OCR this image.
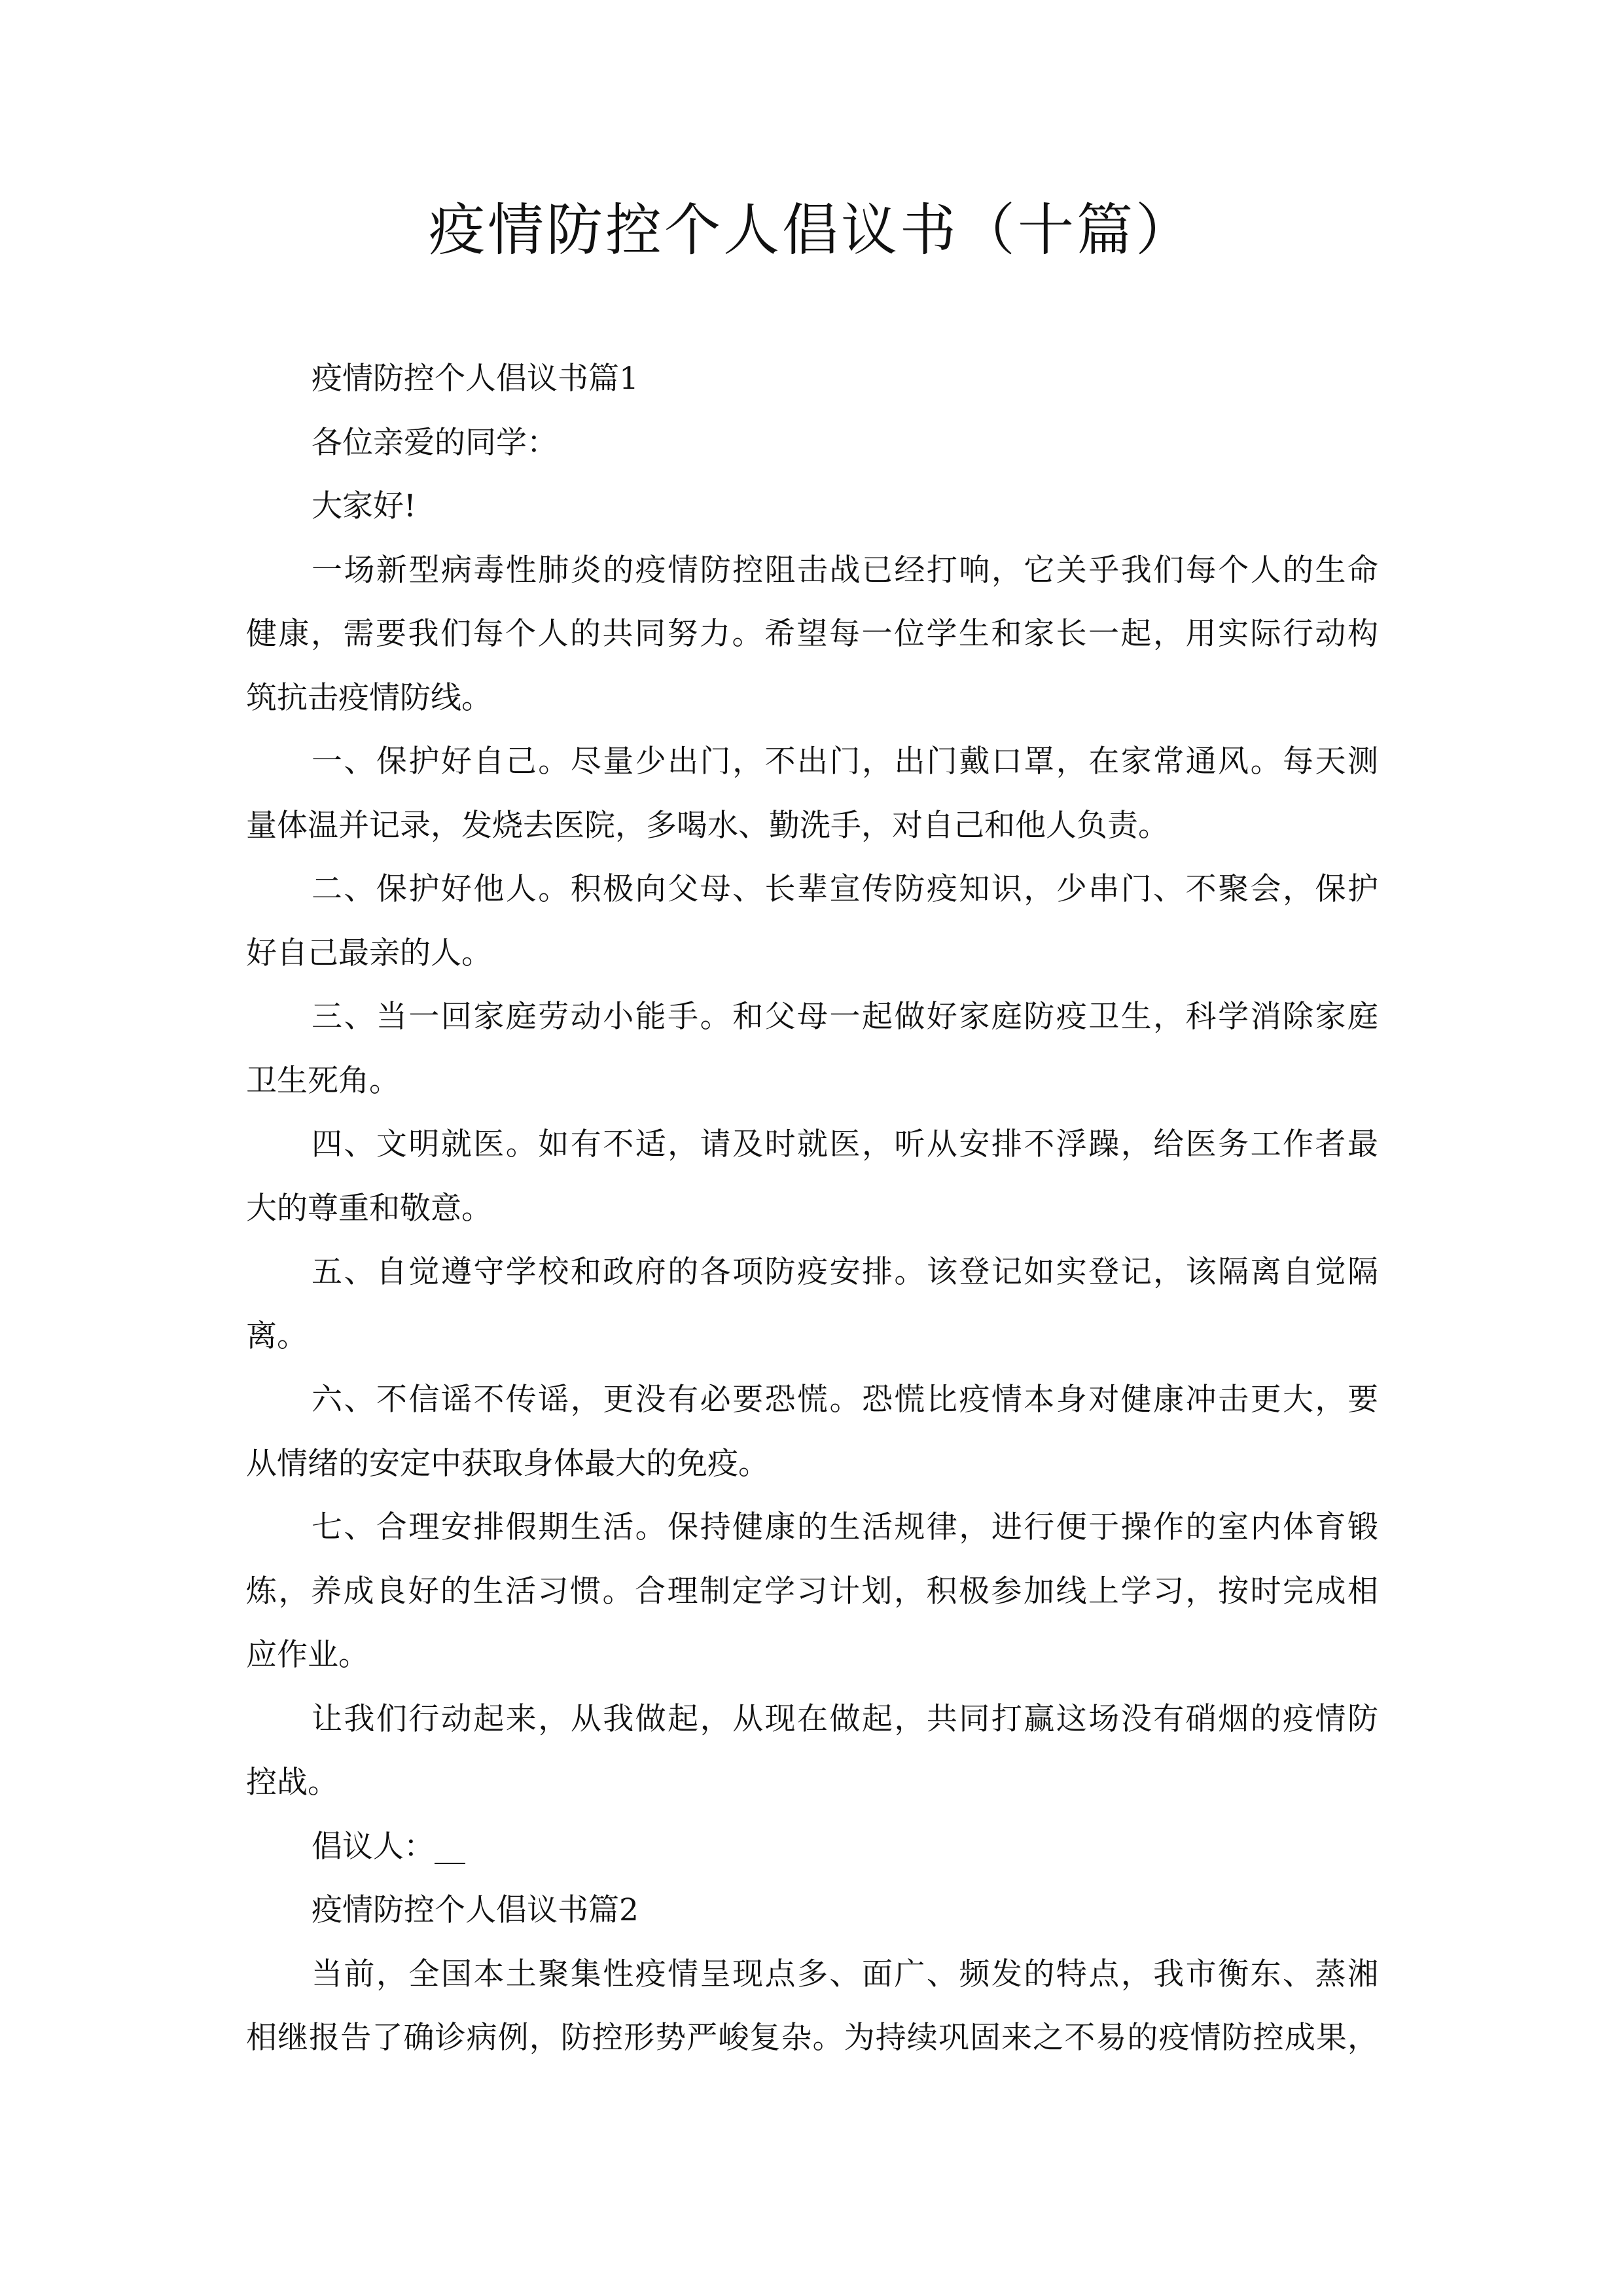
疫情防控个人倡议书（十篇）

疫情防控个人倡议书篇1

各位亲爱的同学：

大家好!

一场新型病毒性肺炎的疫情防控阻击战已经打响，它关乎我们每个人的生命

健康，需要我们每个人的共同努力。希望每一位学生和家长一起，用实际行动构

筑抗击疫情防线。

一、保护好自己。尽量少出门，不出门，出门戴口罩，在家常通风。每天测

量体温并记录，发烧去医院，多喝水、勤洗手，对自己和他人负责。

二、保护好他人。积极向父母、长辈宣传防疫知识，少串门、不聚会，保护

好自己最亲的人。

三、当一回家庭劳动小能手。和父母一起做好家庭防疫卫生，科学消除家庭

卫生死角。

四、文明就医。如有不适，请及时就医，听从安排不浮躁，给医务工作者最

大的尊重和敬意。

五、自觉遵守学校和政府的各项防疫安排。该登记如实登记，该隔离自觉隔

离。

六、不信谣不传谣，更没有必要恐慌。恐慌比疫情本身对健康冲击更大，要

从情绪的安定中获取身体最大的免疫。

七、合理安排假期生活。保持健康的生活规律，进行便于操作的室内体育锻

炼，养成良好的生活习惯。合理制定学习计划，积极参加线上学习，按时完成相

应作业。

让我们行动起来，从我做起，从现在做起，共同打赢这场没有硝烟的疫情防

控战。

倡议人：__

疫情防控个人倡议书篇2

当前，全国本土聚集性疫情呈现点多、面广、频发的特点，我市衡东、蒸湘

相继报告了确诊病例，防控形势严峻复杂。为持续巩固来之不易的疫情防控成果，
